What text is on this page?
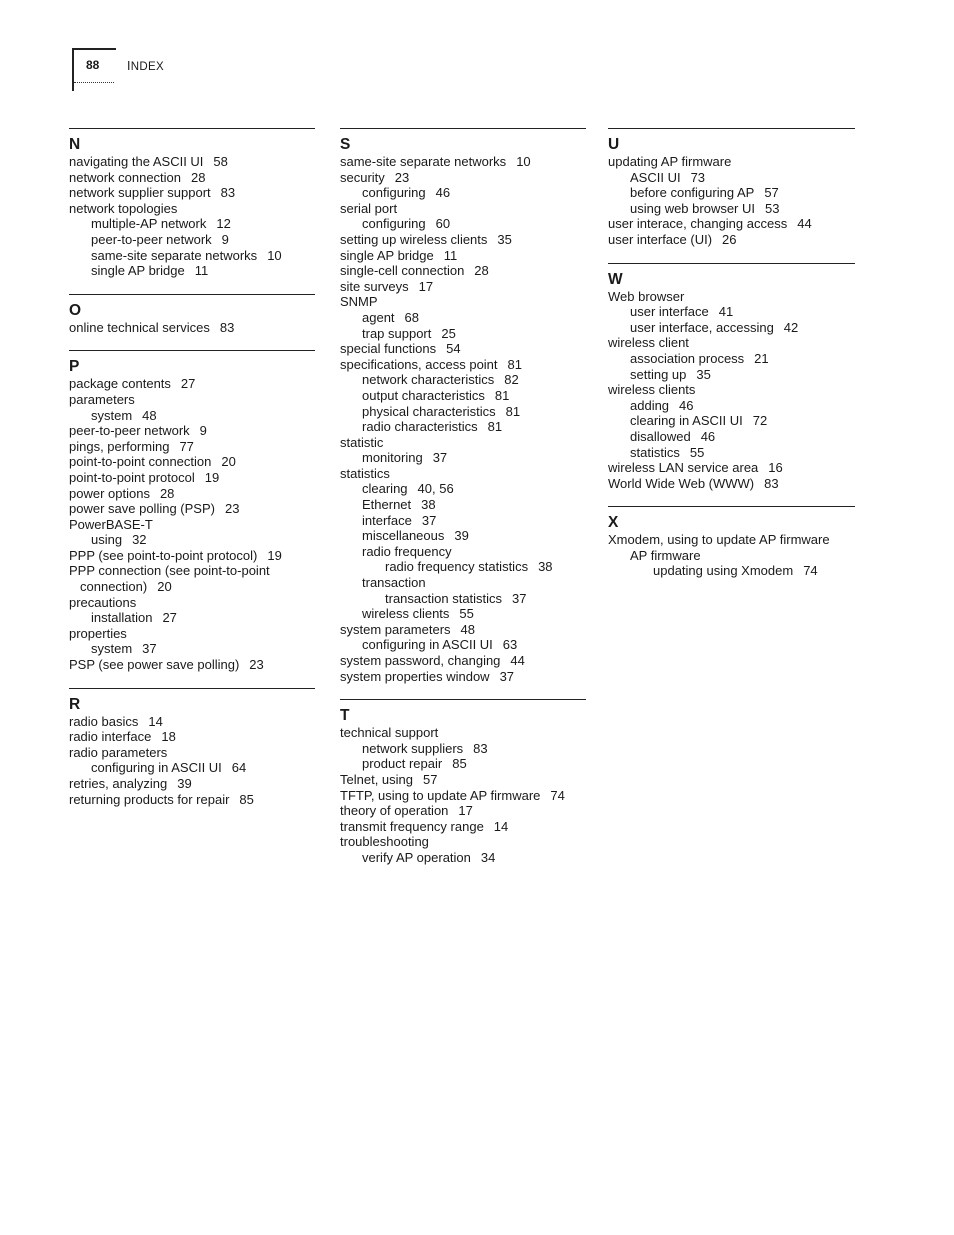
88 INDEX
N
navigating the ASCII UI 58
network connection 28
network supplier support 83
network topologies
multiple-AP network 12
peer-to-peer network 9
same-site separate networks 10
single AP bridge 11
O
online technical services 83
P
package contents 27
parameters
system 48
peer-to-peer network 9
pings, performing 77
point-to-point connection 20
point-to-point protocol 19
power options 28
power save polling (PSP) 23
PowerBASE-T
using 32
PPP (see point-to-point protocol) 19
PPP connection (see point-to-point connection) 20
precautions
installation 27
properties
system 37
PSP (see power save polling) 23
R
radio basics 14
radio interface 18
radio parameters
configuring in ASCII UI 64
retries, analyzing 39
returning products for repair 85
S
same-site separate networks 10
security 23
configuring 46
serial port
configuring 60
setting up wireless clients 35
single AP bridge 11
single-cell connection 28
site surveys 17
SNMP
agent 68
trap support 25
special functions 54
specifications, access point 81
network characteristics 82
output characteristics 81
physical characteristics 81
radio characteristics 81
statistic
monitoring 37
statistics
clearing 40, 56
Ethernet 38
interface 37
miscellaneous 39
radio frequency
radio frequency statistics 38
transaction
transaction statistics 37
wireless clients 55
system parameters 48
configuring in ASCII UI 63
system password, changing 44
system properties window 37
T
technical support
network suppliers 83
product repair 85
Telnet, using 57
TFTP, using to update AP firmware 74
theory of operation 17
transmit frequency range 14
troubleshooting
verify AP operation 34
U
updating AP firmware
ASCII UI 73
before configuring AP 57
using web browser UI 53
user interace, changing access 44
user interface (UI) 26
W
Web browser
user interface 41
user interface, accessing 42
wireless client
association process 21
setting up 35
wireless clients
adding 46
clearing in ASCII UI 72
disallowed 46
statistics 55
wireless LAN service area 16
World Wide Web (WWW) 83
X
Xmodem, using to update AP firmware
AP firmware
updating using Xmodem 74
